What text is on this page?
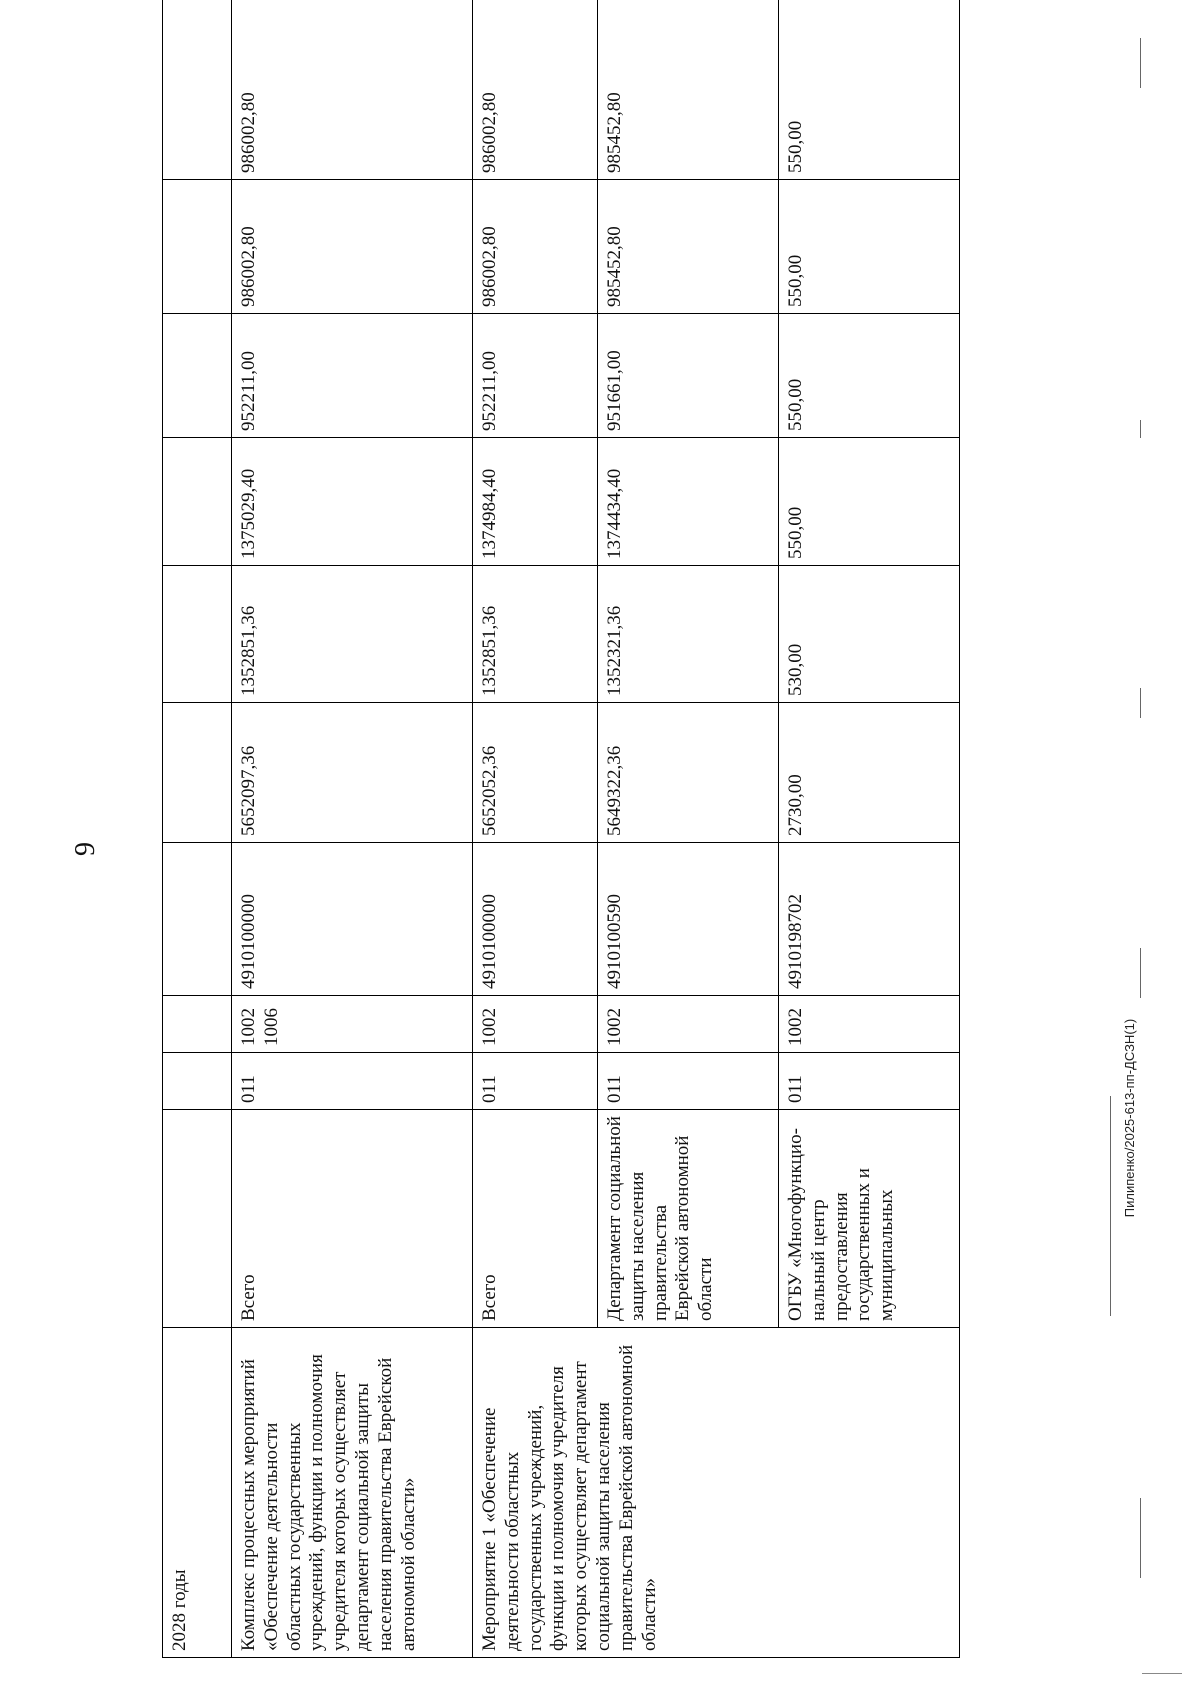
9
2028 годы										
Комплекс процессных мероприятий «Обеспечение деятельности областных государственных учреждений, функции и полномочия учредителя которых осуществляет департамент социальной защиты населения правительства Еврейской автономной области»	Всего	011	1002 1006	4910100000	5652097,36	1352851,36	1375029,40	952211,00	986002,80	986002,80
Мероприятие 1 «Обеспечение деятельности областных государственных учреждений, функции и полномочия учредителя которых осуществляет департамент социальной защиты населения правительства Еврейской автономной области»	Всего	011	1002	4910100000	5652052,36	1352851,36	1374984,40	952211,00	986002,80	986002,80
	Департамент социальной защиты населения правительства Еврейской автономной области	011	1002	4910100590	5649322,36	1352321,36	1374434,40	951661,00	985452,80	985452,80
	ОГБУ «Многофункцио-нальный центр предоставления государственных и муниципальных	011	1002	4910198702	2730,00	530,00	550,00	550,00	550,00	550,00
Пилипенко/2025-613-пп-ДСЗН(1)
